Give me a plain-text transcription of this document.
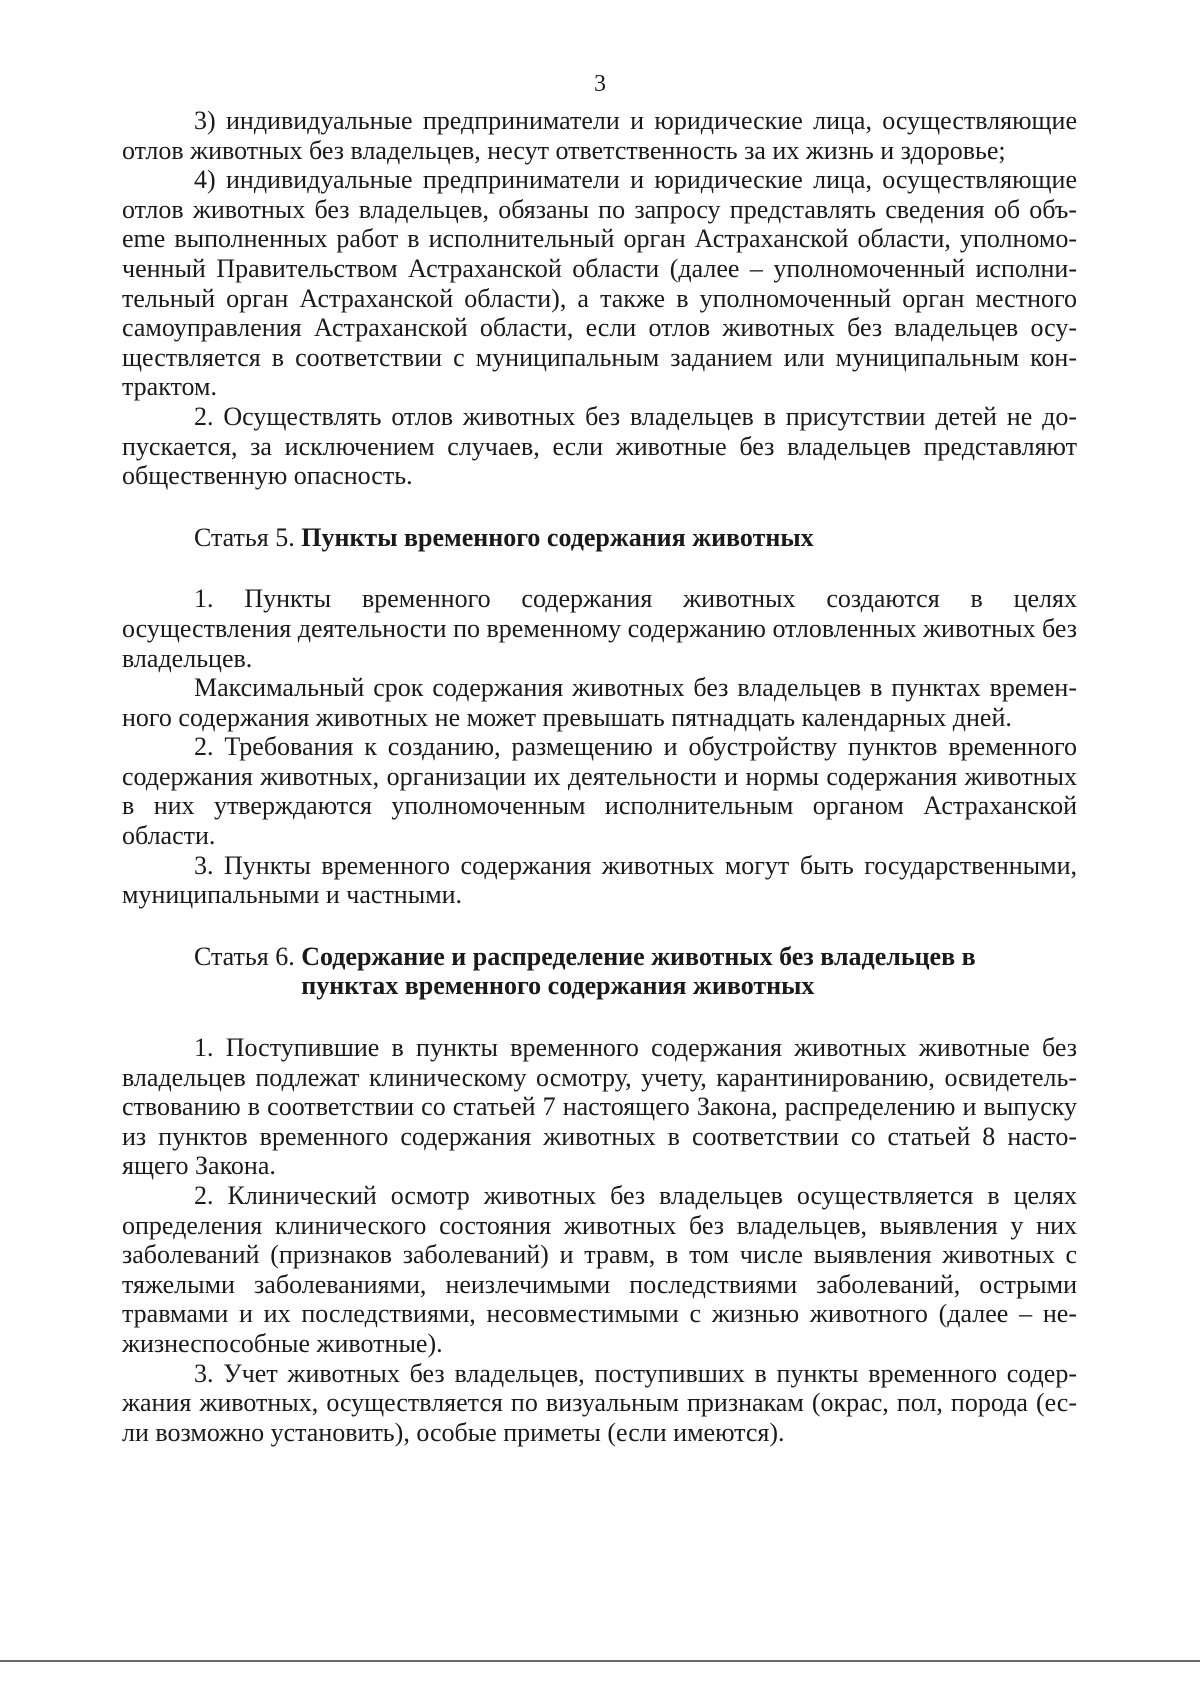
3

3) индивидуальные предприниматели и юридические лица, осуществляющие отлов животных без владельцев, несут ответственность за их жизнь и здоровье;

4) индивидуальные предприниматели и юридические лица, осуществляющие отлов животных без владельцев, обязаны по запросу представлять сведения об объeme выполненных работ в исполнительный орган Астраханской области, уполномоченный Правительством Астраханской области (далее – уполномоченный исполнительный орган Астраханской области), а также в уполномоченный орган местного самоуправления Астраханской области, если отлов животных без владельцев осуществляется в соответствии с муниципальным заданием или муниципальным контрактом.

2. Осуществлять отлов животных без владельцев в присутствии детей не допускается, за исключением случаев, если животные без владельцев представляют общественную опасность.

Статья 5. Пункты временного содержания животных

1. Пункты временного содержания животных создаются в целях осуществления деятельности по временному содержанию отловленных животных без владельцев.

Максимальный срок содержания животных без владельцев в пунктах временного содержания животных не может превышать пятнадцать календарных дней.

2. Требования к созданию, размещению и обустройству пунктов временного содержания животных, организации их деятельности и нормы содержания животных в них утверждаются уполномоченным исполнительным органом Астраханской области.

3. Пункты временного содержания животных могут быть государственными, муниципальными и частными.

Статья 6. Содержание и распределение животных без владельцев в пунктах временного содержания животных

1. Поступившие в пункты временного содержания животных животные без владельцев подлежат клиническому осмотру, учету, карантинированию, освидетельствованию в соответствии со статьей 7 настоящего Закона, распределению и выпуску из пунктов временного содержания животных в соответствии со статьей 8 настоящего Закона.

2. Клинический осмотр животных без владельцев осуществляется в целях определения клинического состояния животных без владельцев, выявления у них заболеваний (признаков заболеваний) и травм, в том числе выявления животных с тяжелыми заболеваниями, неизлечимыми последствиями заболеваний, острыми травмами и их последствиями, несовместимыми с жизнью животного (далее – нежизнеспособные животные).

3. Учет животных без владельцев, поступивших в пункты временного содержания животных, осуществляется по визуальным признакам (окрас, пол, порода (если возможно установить), особые приметы (если имеются).
